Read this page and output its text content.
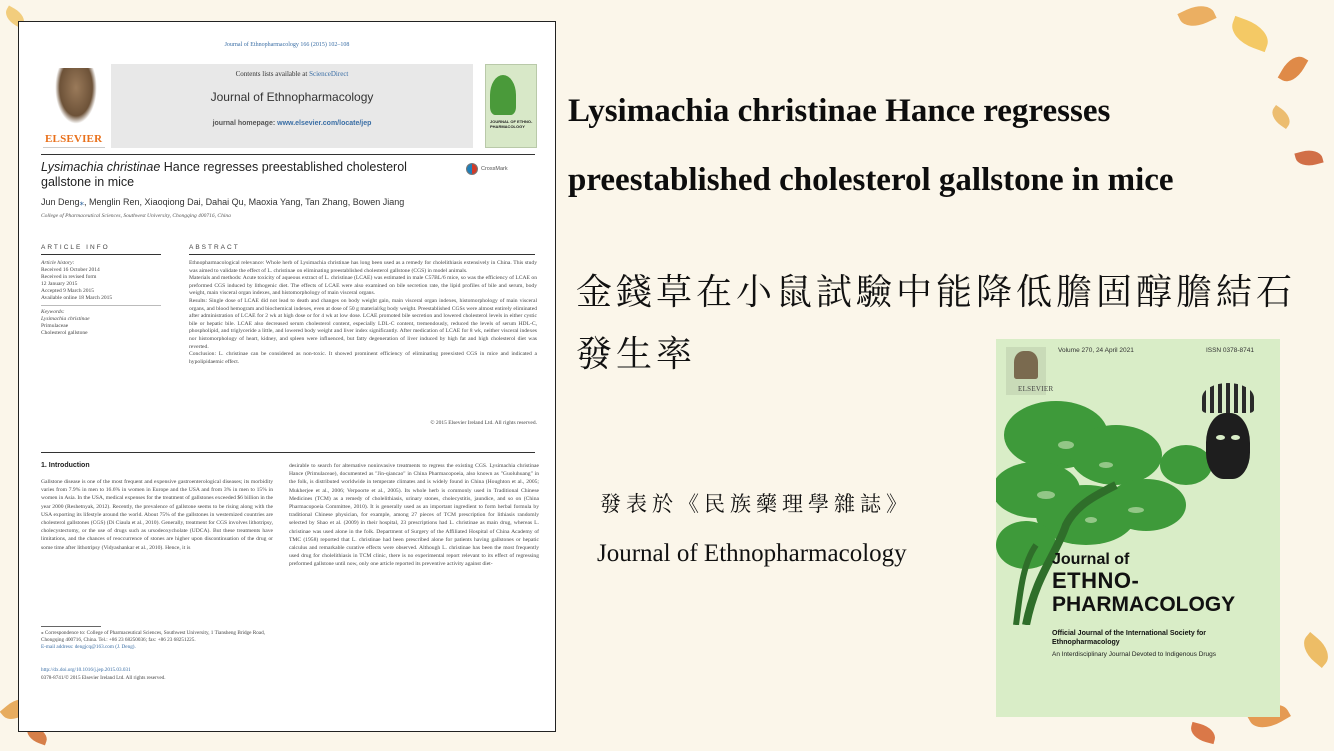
Journal of Ethnopharmacology 166 (2015) 102–108
ELSEVIER
Contents lists available at ScienceDirect
Journal of Ethnopharmacology
journal homepage: www.elsevier.com/locate/jep	JOURNAL OF ETHNO-PHARMACOLOGY
Lysimachia christinae Hance regresses preestablished cholesterol gallstone in mice
CrossMark
Jun Deng⁎, Menglin Ren, Xiaoqiong Dai, Dahai Qu, Maoxia Yang, Tan Zhang, Bowen Jiang
College of Pharmaceutical Sciences, Southwest University, Chongqing 400716, China
ARTICLE INFO	ABSTRACT
Article history:
Received 16 October 2014
Received in revised form
12 January 2015
Accepted 9 March 2015
Available online 18 March 2015
Keywords:
Lysimachia christinae
Primulaceae
Cholesterol gallstone
Ethnopharmacological relevance: Whole herb of Lysimachia christinae has long been used as a remedy for cholelithiasis extensively in China. This study was aimed to validate the effect of L. christinae on eliminating preestablished cholesterol gallstone (CGS) in model animals.
Materials and methods: Acute toxicity of aqueous extract of L. christinae (LCAE) was estimated in male C57BL/6 mice, so was the efficiency of LCAE on preformed CGS induced by lithogenic diet. The effects of LCAE were also examined on bile secretion rate, the lipid profiles of bile and serum, body weight, main visceral organ indexes, and histomorphology of main visceral organs.
Results: Single dose of LCAE did not lead to death and changes on body weight gain, main visceral organ indexes, histomorphology of main visceral organs, and blood hemogram and biochemical indexes, even at dose of 50 g material/kg body weight. Preestablished CGSs were almost entirely eliminated after administration of LCAE for 2 wk at high dose or for 4 wk at low dose. LCAE promoted bile secretion and lowered cholesterol levels in either cystic bile or hepatic bile. LCAE also decreased serum cholesterol content, especially LDL-C content, tremendously, reduced the levels of serum HDL-C, phospholipid, and triglyceride a little, and lowered body weight and liver index significantly. After medication of LCAE for 8 wk, neither visceral indexes nor histomorphology of heart, kidney, and spleen were influenced, but fatty degeneration of liver induced by high fat and high cholesterol diet was reverted.
Conclusion: L. christinae can be considered as non-toxic. It showed prominent efficiency of eliminating preexisted CGS in mice and indicated a hypolipidaemic effect.
© 2015 Elsevier Ireland Ltd. All rights reserved.
1. Introduction
Gallstone disease is one of the most frequent and expensive gastroenterological diseases; its morbidity varies from 7.9% in men to 16.6% in women in Europe and the USA and from 3% in men to 15% in women in Asia. In the USA, medical expenses for the treatment of gallstones exceeded $6 billion in the year 2000 (Reshetnyak, 2012). Recently, the prevalence of gallstone seems to be rising along with the USA exporting its lifestyle around the world. About 75% of the gallstones in westernized countries are cholesterol gallstones (CGS) (Di Ciaula et al., 2010). Generally, treatment for CGS involves lithotripsy, cholecystectomy, or the use of drugs such as ursodeoxycholate (UDCA). But these treatments have limitations, and the chances of reoccurrence of stones are higher upon discontinuation of the drug or some time after lithotripsy (Vidyashankar et al., 2010). Hence, it is
desirable to search for alternative noninvasive treatments to regress the existing CGS. Lysimachia christinae Hance (Primulaceae), documented as "Jin-qiancao" in China Pharmacopoeia, also known as "Guoluhuang" in the folk, is distributed worldwide in temperate climates and is widely found in China (Houghton et al., 2005; Mukherjee et al., 2006; Verpoorte et al., 2005). Its whole herb is commonly used in Traditional Chinese Medicines (TCM) as a remedy of cholelithiasis, urinary stones, cholecystitis, jaundice, and so on (China Pharmacopoeia Committee, 2010). It is generally used as an important ingredient to form herbal formula by traditional Chinese physician, for example, among 27 pieces of TCM prescription for lithiasis randomly selected by Shao et al. (2009) in their hospital, 23 prescriptions had L. christinae as main drug, whereas L. christinae was used alone in the folk. Department of Surgery of the Affiliated Hospital of China Academy of TMC (1958) reported that L. christinae had been prescribed alone for patients having gallstones or hepatic calculus and remarkable curative effects were observed. Although L. christinae has been the most frequently used drug for cholelithiasis in TCM clinic, there is no experimental report relevant to its effect of regressing preformed gallstone until now, only one article reported its preventive activity against diet-
⁎ Correspondence to: College of Pharmaceutical Sciences, Southwest University, 1 Tiansheng Bridge Road, Chongqing 400716, China. Tel.: +86 23 68250036; fax: +86 23 68251225.
E-mail address: dengjcq@163.com (J. Deng).
http://dx.doi.org/10.1016/j.jep.2015.03.031
0378-8741/© 2015 Elsevier Ireland Ltd. All rights reserved.
Lysimachia christinae Hance regresses
preestablished cholesterol gallstone in mice
金錢草在小鼠試驗中能降低膽固醇膽結石發生率
發表於《民族藥理學雜誌》
Journal of Ethnopharmacology
ELSEVIER
Volume 270, 24 April 2021	ISSN 0378-8741
Journal of
ETHNO-
PHARMACOLOGY
Official Journal of the International Society for Ethnopharmacology
An Interdisciplinary Journal Devoted to Indigenous Drugs
